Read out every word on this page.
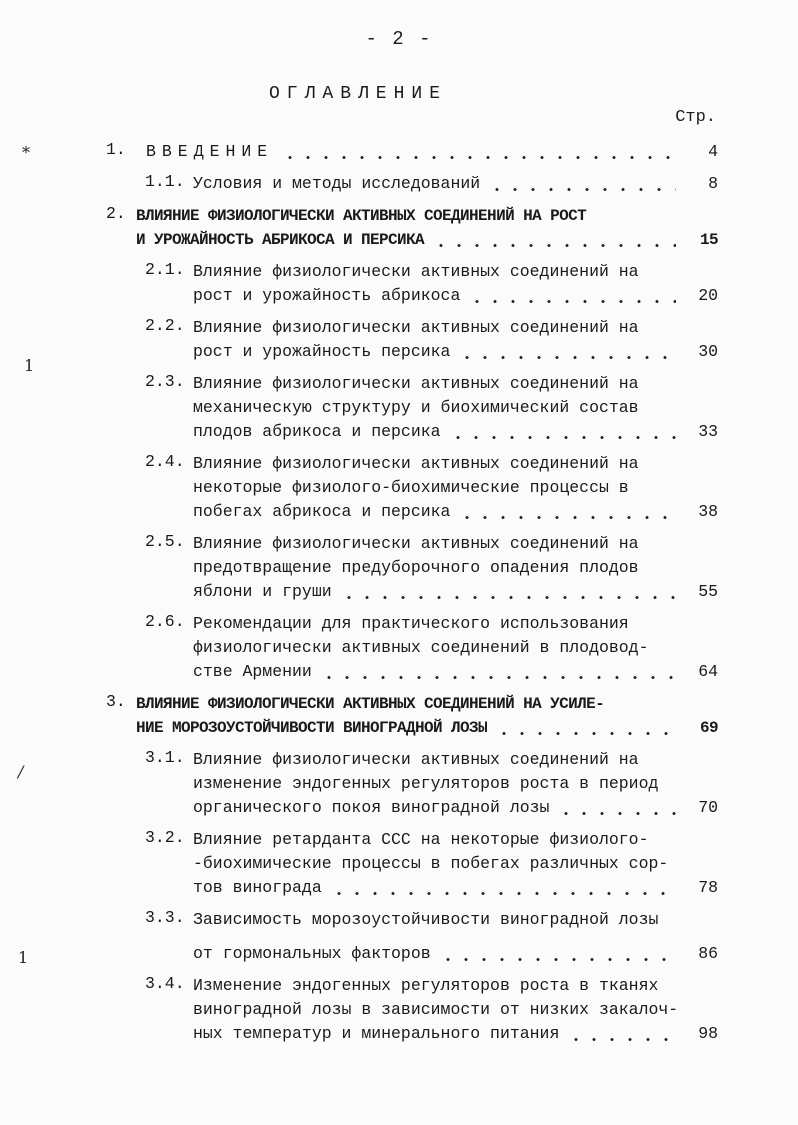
- 2 -
ОГЛАВЛЕНИЕ
Стр.
*
1
/
1
1. ВВЕДЕНИЕ	4
1.1. Условия и методы исследований	8
2. ВЛИЯНИЕ ФИЗИОЛОГИЧЕСКИ АКТИВНЫХ СОЕДИНЕНИЙ НА РОСТ
И УРОЖАЙНОСТЬ АБРИКОСА И ПЕРСИКА	15
2.1. Влияние физиологически активных соединений на
рост и урожайность абрикоса	20
2.2. Влияние физиологически активных соединений на
рост и урожайность персика	30
2.3. Влияние физиологически активных соединений на
механическую структуру и биохимический состав
плодов абрикоса и персика	33
2.4. Влияние физиологически активных соединений на
некоторые физиолого-биохимические процессы в
побегах абрикоса и персика	38
2.5. Влияние физиологически активных соединений на
предотвращение предуборочного опадения плодов
яблони и груши	55
2.6. Рекомендации для практического использования
физиологически активных соединений в плодовод-
стве Армении	64
3. ВЛИЯНИЕ ФИЗИОЛОГИЧЕСКИ АКТИВНЫХ СОЕДИНЕНИЙ НА УСИЛЕ-
НИЕ МОРОЗОУСТОЙЧИВОСТИ ВИНОГРАДНОЙ ЛОЗЫ	69
3.1. Влияние физиологически активных соединений на
изменение эндогенных регуляторов роста в период
органического покоя виноградной лозы	70
3.2. Влияние ретарданта ССС на некоторые физиолого-
-биохимические процессы в побегах различных сор-
тов винограда	78
3.3. Зависимость морозоустойчивости виноградной лозы
от гормональных факторов	86
3.4. Изменение эндогенных регуляторов роста в тканях
виноградной лозы в зависимости от низких закалоч-
ных температур и минерального питания	98
